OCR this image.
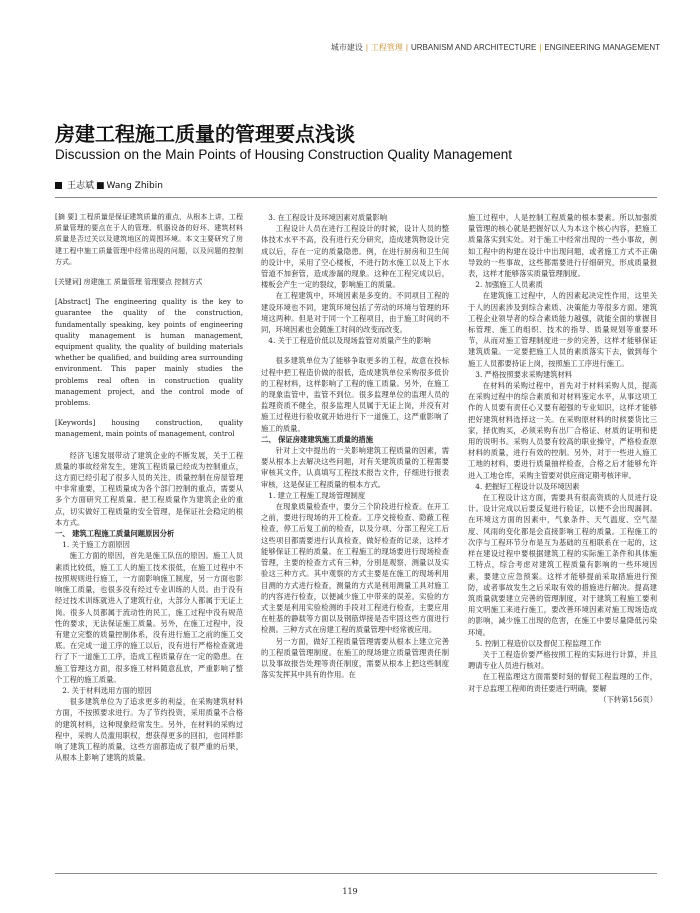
城市建设 | 工程管理 | URBANISM AND ARCHITECTURE | ENGINEERING MANAGEMENT
房建工程施工质量的管理要点浅谈
Discussion on the Main Points of Housing Construction Quality Management
王志斌 ■ Wang Zhibin

[摘 要] 工程质量是保证建筑质量的重点，从根本上讲，工程质量管理的要点在于人的管理、机器设备的好坏、建筑材料质量是否过关以及建筑地区的周围环境。本文主要研究了房建工程中施工质量管理中经常出现的问题，以及问题的控制方式。

[关键词] 房建施工 质量管理 管理要点 控制方式

[Abstract] The engineering quality is the key to guarantee the quality of the construction, fundamentally speaking, key points of engineering quality management is human management, equipment quality, the quality of building materials whether be qualified, and building area surrounding environment. This paper mainly studies the problems real often in construction quality management project, and the control mode of problems.

[Keywords] housing construction, quality management, main points of management, control

经济飞速发展带动了建筑企业的不断发展，关于工程质量的事故经常发生，建筑工程质量已经成为控制重点，这方面已经引起了很多人员的关注，质量控制在房屋管理中非常重要，工程质量成为各个部门控制的重点，需要从多个方面研究工程质量。把工程质量作为建筑企业的重点，切实做好工程质量的安全管理，是保证社会稳定的根本方式。

一、 建筑工程施工质量问题原因分析

1. 关于施工方面原因

施工方面的原因，首先是施工队伍的原因。施工人员素质比较低，施工工人的施工技术很低，在施工过程中不按照规则进行施工，一方面影响施工制度，另一方面也影响施工质量，也很多没有经过专业训练的人员。由于没有经过技术训练就进入了建筑行业，大部分人都属于无证上岗。很多人员都属于流动性的民工，施工过程中没有规范性的要求，无法保证施工质量。另外，在施工过程中，没有建立完整的质量控制体系，没有进行施工之前的施工交底。在完成一道工序的施工以后，没有进行严格检查就进行了下一道施工工序，造成工程质量存在一定的隐患。在施工管理这方面，很多施工材料随意乱放，严重影响了整个工程的施工质量。

2. 关于材料选用方面的原因

很多建筑单位为了追求更多的利益，在采购建筑材料方面，不按照要求进行。为了节约投资，采用质量不合格的建筑材料，这种现象经常发生。另外，在材料的采购过程中，采购人员滥用职权，想获得更多的回扣，也同样影响了建筑工程的质量，这些方面都造成了很严重的后果，从根本上影响了建筑的质量。

3. 在工程设计及环境因素对质量影响

工程设计人员在进行工程设计的时候，设计人员的整体技术水平不高，没有进行充分研究，造成建筑物设计完成以后，存在一定的质量隐患。例，在进行厨房和卫生间的设计中，采用了空心楼板，不进行防水施工以及上下水管道不加套管，造成渗漏的现象。这种在工程完成以后，楼板会产生一定的裂纹，影响施工的质量。

在工程建筑中，环境因素是多变的。不同项目工程的建设环境也不同，建筑环境包括了劳动的环境与管理的环境这两种。但是对于同一个工程项目，由于施工时间的不同，环境因素也会随施工时间的改变而改变。

4. 关于工程造价低以及现场监管对质量产生的影响

很多建筑单位为了能够争取更多的工程，故意在投标过程中把工程造价做的很低，造成建筑单位采购很多低价的工程材料，这样影响了工程的施工质量。另外，在施工的现象监管中，监管不到位。很多监理单位的监理人员的监理资质不健全，很多监理人员属于无证上岗，并没有对施工过程进行验收就开始进行下一道施工，这严重影响了施工的质量。

二、 保证房建建筑施工质量的措施

针对上文中提出的一关影响建筑工程质量的因素，需要从根本上去解决这些问题，对有关建筑质量的工程需要审核其文件，认真填写工程技术报告文件，仔细进行报表审核，这是保证工程质量的根本方式。

1. 建立工程施工现场管理制度

在现象质量检查中，要分三个阶段进行检查。在开工之前，要进行现场的开工检查。工序交接检查、隐蔽工程检查，停工后复工前的检查，以及分项、分部工程完工后这些项目都需要进行认真检查，做好检查的记录，这样才能够保证工程的质量。在工程施工的现场要进行现场检查管理，主要的检查方式有三种，分别是观察、测量以及实验这三种方式。其中观察的方式主要是在施工的现场利用目测的方式进行检查，测量的方式是利用测量工具对施工的内容进行检查，以便减少施工中带来的误差。实验的方式主要是利用实验检测的手段对工程进行检查，主要应用在桩基的静载等方面以及钢筋焊接是否牢固这些方面进行检测。三种方式在房建工程的质量管理中经常被应用。

另一方面，做好工程质量管理需要从根本上建立完善的工程质量管理制度。在施工的现场建立质量管理责任制以及事故报告处理等责任制度，需要从根本上把这些制度落实发挥其中具有的作用。在

施工过程中，人是控制工程质量的根本要素。所以加强质量管理的核心就是把握好以人为本这个核心内容，把施工质量落实到实处。对于施工中经常出现的一些小事故，例如工程中的构建在设计中出现问题，或者施工方式不正确导致的一些事故，这些都需要进行仔细研究，形成质量报表，这样才能够落实质量管理制度。

2. 加强施工人员素质

在建筑施工过程中，人的因素起决定性作用，这里关于人的因素涉及到综合素质、决策能力等很多方面。建筑工程企业领导者的综合素质能力越强，就能全面的掌握目标管理、施工的组织、技术的指导、质量规划等重要环节，从而对施工管理制度进一步的完善，这样才能够保证建筑质量。一定要把施工人员的素质落实下去，做到每个施工人员都要持证上岗，按照施工工序进行施工。

3. 严格按照要求采购建筑材料

在材料的采购过程中，首先对于材料采购人员，提高在采购过程中的综合素质和对材料鉴定水平，从事这项工作的人员要有责任心又要有超强的专业知识，这样才能够把好建筑材料选择这一关。在采购原材料的时候要货比三家，择优购买，必须采购有出厂合格证、材质的证明和使用的说明书。采购人员要有较高的职业操守，严格检查原材料的质量，进行有效的控制。另外，对于一些进入施工工地的材料，要进行质量抽样检查，合格之后才能够允许进入工地仓库，采购主管要对供应商定期考核评审。

4. 把握好工程设计以及环境因素

在工程设计这方面，需要具有很高资质的人员进行设计。设计完成以后要反复进行验证，以便不会出现漏洞。在环境这方面的因素中，气象条件、天气温度、空气湿度、风雨的变化都是会直接影响工程的质量。工程施工的次序与工程环节分布是互为基础的互相联系在一起的，这样在建设过程中要根据建筑工程的实际施工条件和具体施工特点，综合考虑对建筑工程质量有影响的一些环境因素，要建立应急预案。这样才能够提前采取措施进行预防，或者事故发生之后采取有效的措施进行解决。提高建筑质量就要建立完善的管理制度，对于建筑工程施工要利用文明施工来进行施工，要改善环境因素对施工现场造成的影响，减少施工出现的危害，在施工中要尽量降低污染环境。

5. 控制工程造价以及督促工程监理工作

关于工程造价要严格按照工程的实际进行计算，并且聘请专业人员进行核对。

在工程监理这方面需要时刻的督促工程监理的工作，对于总监理工程师的责任要进行明确，要解

（下转第156页）

119
